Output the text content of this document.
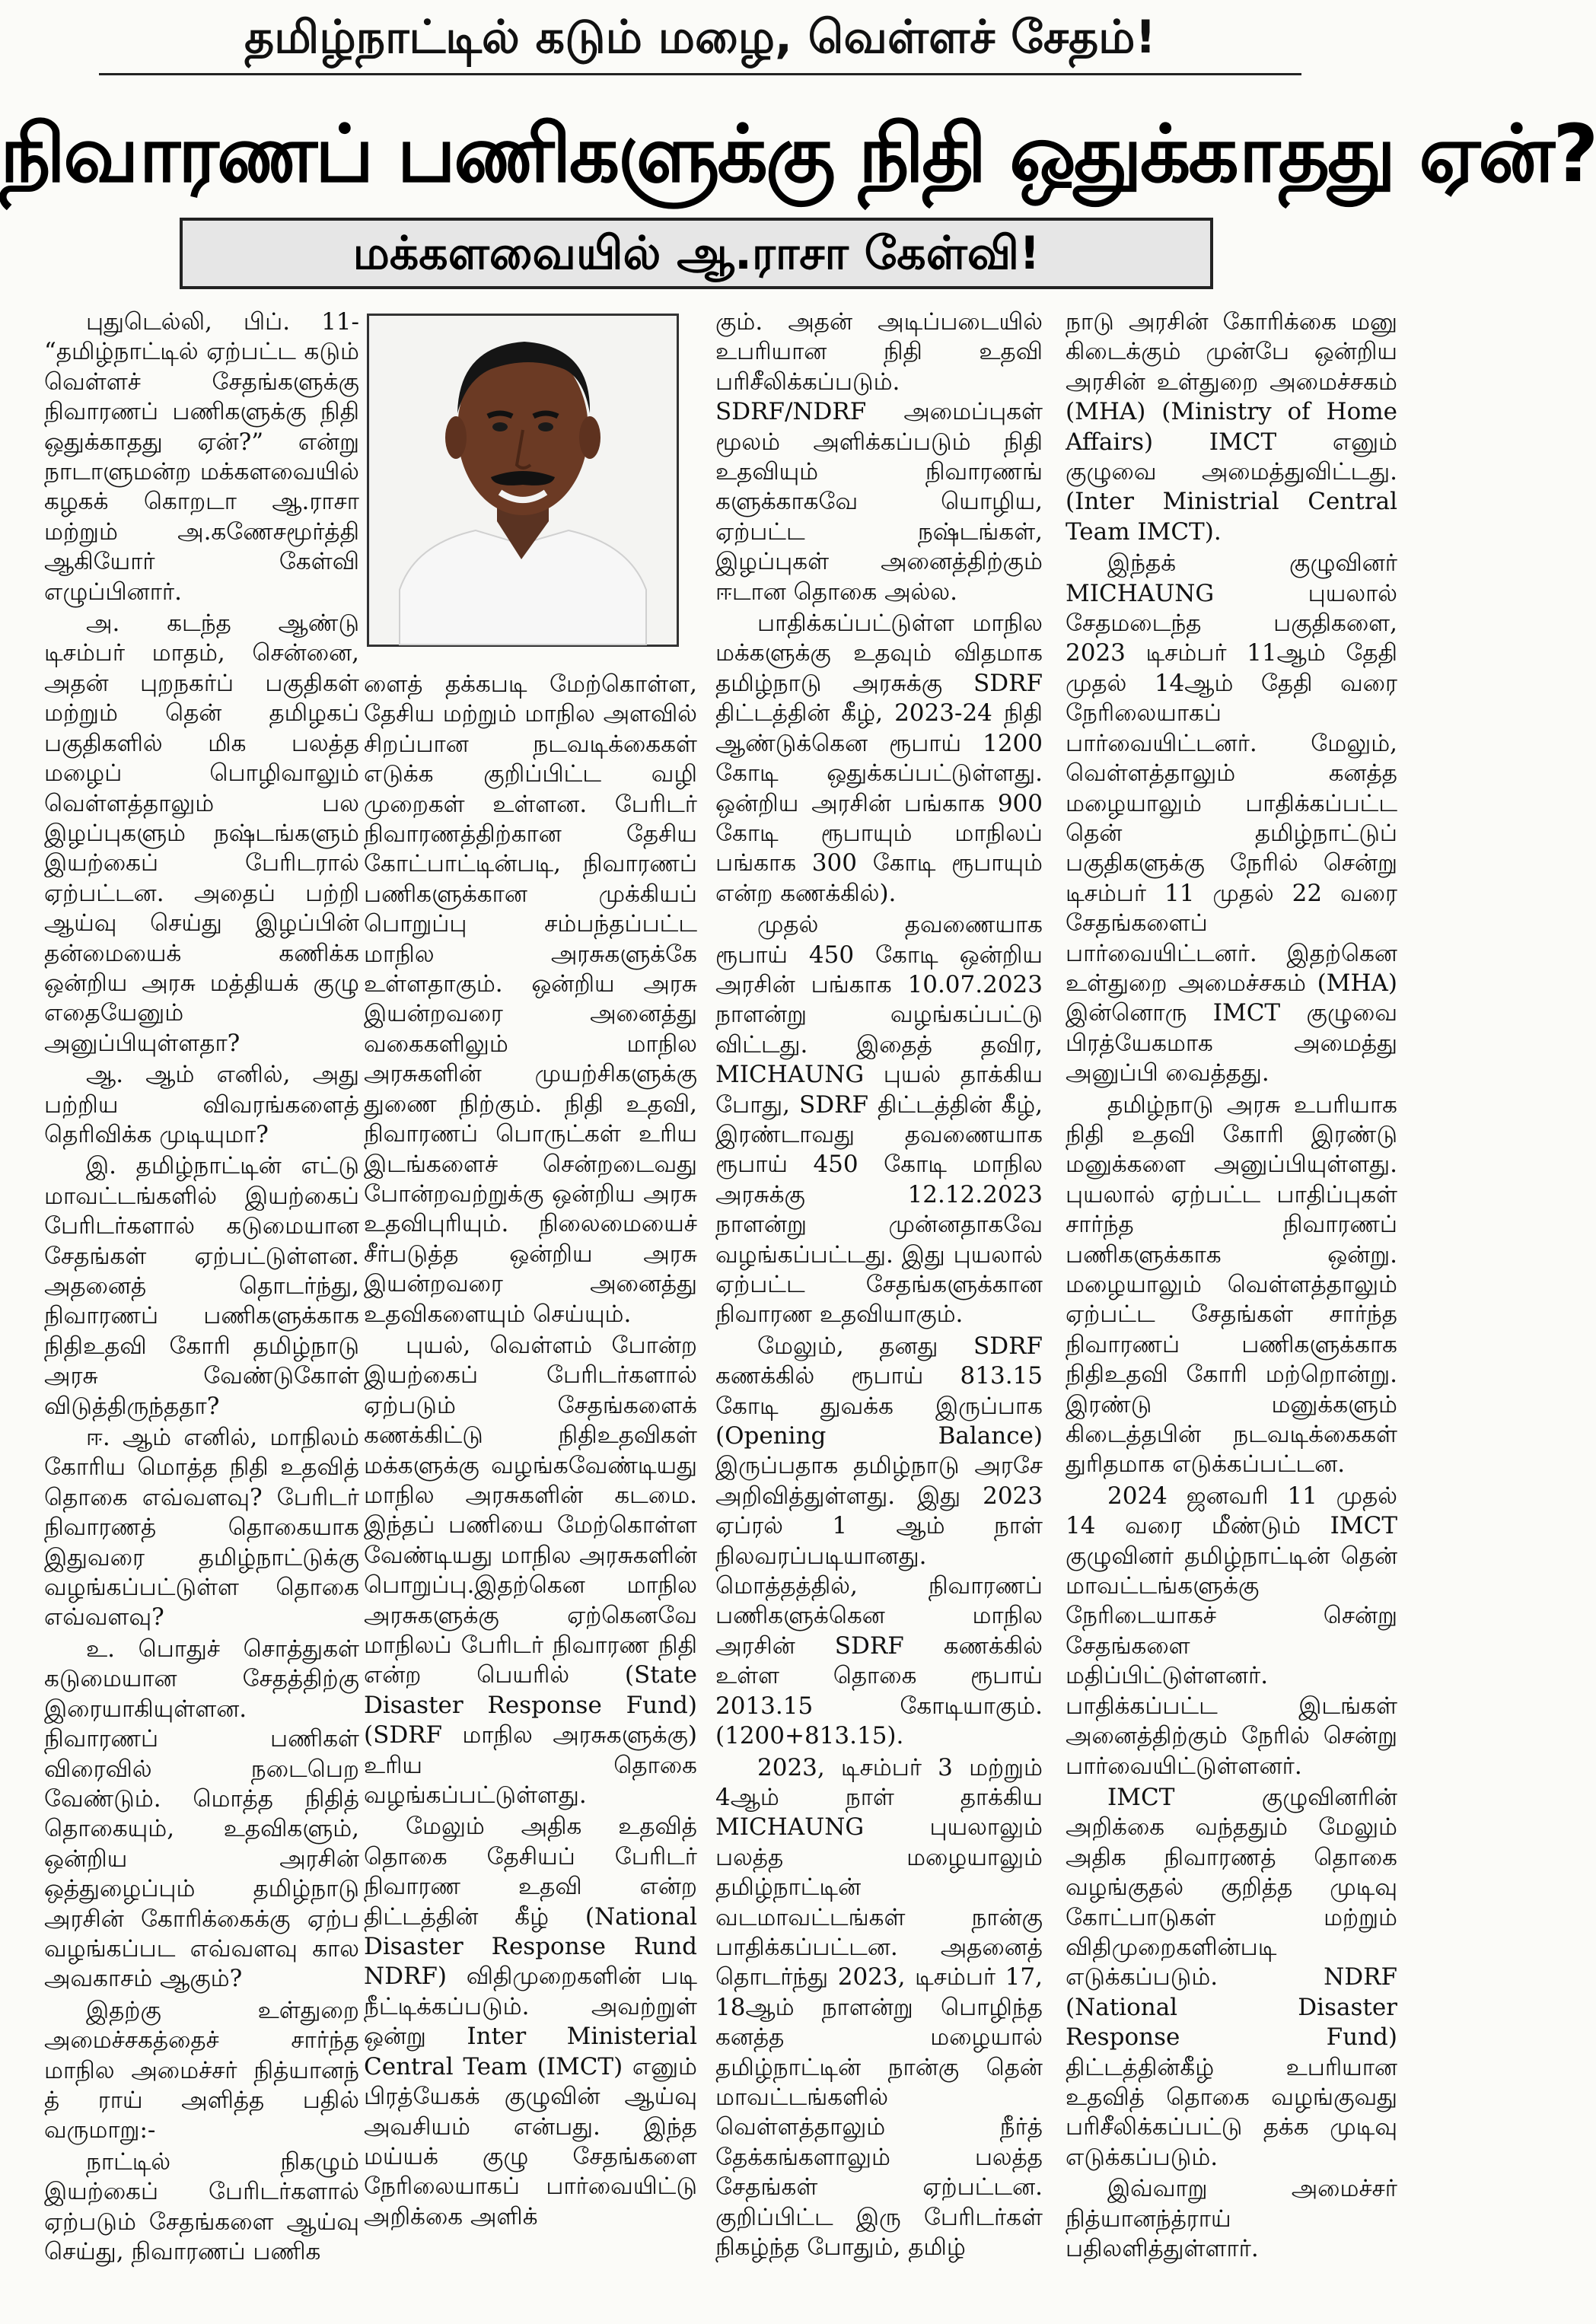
தமிழ்நாட்டில் கடும் மழை, வெள்ளச் சேதம்!
நிவாரணப் பணிகளுக்கு நிதி ஒதுக்காதது ஏன்?
மக்களவையில் ஆ.ராசா கேள்வி!

புதுடெல்லி, பிப். 11- “தமிழ்நாட்டில் ஏற்பட்ட கடும் வெள்ளச் சேதங்களுக்கு நிவாரணப் பணிகளுக்கு நிதி ஒதுக்காதது ஏன்?” என்று நாடாளுமன்ற மக்களவையில் கழகக் கொறடா ஆ.ராசா மற்றும் அ.கணேசமூர்த்தி ஆகியோர் கேள்வி எழுப்பினார்.

அ. கடந்த ஆண்டு டிசம்பர் மாதம், சென்னை, அதன் புறநகர்ப் பகுதிகள் மற்றும் தென் தமிழகப் பகுதிகளில் மிக பலத்த மழைப் பொழிவாலும் வெள்ளத்தாலும் பல இழப்புகளும் நஷ்டங்களும் இயற்கைப் பேரிடரால் ஏற்பட்டன. அதைப் பற்றி ஆய்வு செய்து இழப்பின் தன்மையைக் கணிக்க ஒன்றிய அரசு மத்தியக் குழு எதையேனும் அனுப்பியுள்ளதா?

ஆ. ஆம் எனில், அது பற்றிய விவரங்களைத் தெரிவிக்க முடியுமா?

இ. தமிழ்நாட்டின் எட்டு மாவட்டங்களில் இயற்கைப் பேரிடர்களால் கடுமையான சேதங்கள் ஏற்பட்டுள்ளன. அதனைத் தொடர்ந்து, நிவாரணப் பணிகளுக்காக நிதிஉதவி கோரி தமிழ்நாடு அரசு வேண்டுகோள் விடுத்திருந்ததா?

ஈ. ஆம் எனில், மாநிலம் கோரிய மொத்த நிதி உதவித் தொகை எவ்வளவு? பேரிடர் நிவாரணத் தொகையாக இதுவரை தமிழ்நாட்டுக்கு வழங்கப்பட்டுள்ள தொகை எவ்வளவு?

உ. பொதுச் சொத்துகள் கடுமையான சேதத்திற்கு இரையாகியுள்ளன. நிவாரணப் பணிகள் விரைவில் நடைபெற வேண்டும். மொத்த நிதித் தொகையும், உதவிகளும், ஒன்றிய அரசின் ஒத்துழைப்பும் தமிழ்நாடு அரசின் கோரிக்கைக்கு ஏற்ப வழங்கப்பட எவ்வளவு கால அவகாசம் ஆகும்?

இதற்கு உள்துறை அமைச்சகத்தைச் சார்ந்த மாநில அமைச்சர் நித்யானந் த் ராய் அளித்த பதில் வருமாறு:-

நாட்டில் நிகழும் இயற்கைப் பேரிடர்களால் ஏற்படும் சேதங்களை ஆய்வு செய்து, நிவாரணப் பணிக

ளைத் தக்கபடி மேற்கொள்ள, தேசிய மற்றும் மாநில அளவில் சிறப்பான நடவடிக்கைகள் எடுக்க குறிப்பிட்ட வழி முறைகள் உள்ளன. பேரிடர் நிவாரணத்திற்கான தேசிய கோட்பாட்டின்படி, நிவாரணப் பணிகளுக்கான முக்கியப் பொறுப்பு சம்பந்தப்பட்ட மாநில அரசுகளுக்கே உள்ளதாகும். ஒன்றிய அரசு இயன்றவரை அனைத்து வகைகளிலும் மாநில அரசுகளின் முயற்சிகளுக்கு துணை நிற்கும். நிதி உதவி, நிவாரணப் பொருட்கள் உரிய இடங்களைச் சென்றடைவது போன்றவற்றுக்கு ஒன்றிய அரசு உதவிபுரியும். நிலைமையைச் சீர்படுத்த ஒன்றிய அரசு இயன்றவரை அனைத்து உதவிகளையும் செய்யும்.

புயல், வெள்ளம் போன்ற இயற்கைப் பேரிடர்களால் ஏற்படும் சேதங்களைக் கணக்கிட்டு நிதிஉதவிகள் மக்களுக்கு வழங்கவேண்டியது மாநில அரசுகளின் கடமை. இந்தப் பணியை மேற்கொள்ள வேண்டியது மாநில அரசுகளின் பொறுப்பு.இதற்கென மாநில அரசுகளுக்கு ஏற்கெனவே மாநிலப் பேரிடர் நிவாரண நிதி என்ற பெயரில் (State Disaster Response Fund) (SDRF மாநில அரசுகளுக்கு) உரிய தொகை வழங்கப்பட்டுள்ளது.

மேலும் அதிக உதவித் தொகை தேசியப் பேரிடர் நிவாரண உதவி என்ற திட்டத்தின் கீழ் (National Disaster Response Rund NDRF) விதிமுறைகளின் படி நீட்டிக்கப்படும். அவற்றுள் ஒன்று Inter Ministerial Central Team (IMCT) எனும் பிரத்யேகக் குழுவின் ஆய்வு அவசியம் என்பது. இந்த மய்யக் குழு சேதங்களை நேரிலையாகப் பார்வையிட்டு அறிக்கை அளிக்

கும். அதன் அடிப்படையில் உபரியான நிதி உதவி பரிசீலிக்கப்படும். SDRF/NDRF அமைப்புகள் மூலம் அளிக்கப்படும் நிதி உதவியும் நிவாரணங் களுக்காகவே யொழிய, ஏற்பட்ட நஷ்டங்கள், இழப்புகள் அனைத்திற்கும் ஈடான தொகை அல்ல.

பாதிக்கப்பட்டுள்ள மாநில மக்களுக்கு உதவும் விதமாக தமிழ்நாடு அரசுக்கு SDRF திட்டத்தின் கீழ், 2023-24 நிதி ஆண்டுக்கென ரூபாய் 1200 கோடி ஒதுக்கப்பட்டுள்ளது. ஒன்றிய அரசின் பங்காக 900 கோடி ரூபாயும் மாநிலப் பங்காக 300 கோடி ரூபாயும் என்ற கணக்கில்).

முதல் தவணையாக ரூபாய் 450 கோடி ஒன்றிய அரசின் பங்காக 10.07.2023 நாளன்று வழங்கப்பட்டு விட்டது. இதைத் தவிர, MICHAUNG புயல் தாக்கிய போது, SDRF திட்டத்தின் கீழ், இரண்டாவது தவணையாக ரூபாய் 450 கோடி மாநில அரசுக்கு 12.12.2023 நாளன்று முன்னதாகவே வழங்கப்பட்டது. இது புயலால் ஏற்பட்ட சேதங்களுக்கான நிவாரண உதவியாகும்.

மேலும், தனது SDRF கணக்கில் ரூபாய் 813.15 கோடி துவக்க இருப்பாக (Opening Balance) இருப்பதாக தமிழ்நாடு அரசே அறிவித்துள்ளது. இது 2023 ஏப்ரல் 1 ஆம் நாள் நிலவரப்படியானது. மொத்தத்தில், நிவாரணப் பணிகளுக்கென மாநில அரசின் SDRF கணக்கில் உள்ள தொகை ரூபாய் 2013.15 கோடியாகும். (1200+813.15).

2023, டிசம்பர் 3 மற்றும் 4ஆம் நாள் தாக்கிய MICHAUNG புயலாலும் பலத்த மழையாலும் தமிழ்நாட்டின் வடமாவட்டங்கள் நான்கு பாதிக்கப்பட்டன. அதனைத் தொடர்ந்து 2023, டிசம்பர் 17, 18ஆம் நாளன்று பொழிந்த கனத்த மழையால் தமிழ்நாட்டின் நான்கு தென் மாவட்டங்களில் வெள்ளத்தாலும் நீர்த் தேக்கங்களாலும் பலத்த சேதங்கள் ஏற்பட்டன. குறிப்பிட்ட இரு பேரிடர்கள் நிகழ்ந்த போதும், தமிழ்

நாடு அரசின் கோரிக்கை மனு கிடைக்கும் முன்பே ஒன்றிய அரசின் உள்துறை அமைச்சகம் (MHA) (Ministry of Home Affairs) IMCT எனும் குழுவை அமைத்துவிட்டது. (Inter Ministrial Central Team IMCT).

இந்தக் குழுவினர் MICHAUNG புயலால் சேதமடைந்த பகுதிகளை, 2023 டிசம்பர் 11ஆம் தேதி முதல் 14ஆம் தேதி வரை நேரிலையாகப் பார்வையிட்டனர். மேலும், வெள்ளத்தாலும் கனத்த மழையாலும் பாதிக்கப்பட்ட தென் தமிழ்நாட்டுப் பகுதிகளுக்கு நேரில் சென்று டிசம்பர் 11 முதல் 22 வரை சேதங்களைப் பார்வையிட்டனர். இதற்கென உள்துறை அமைச்சகம் (MHA) இன்னொரு IMCT குழுவை பிரத்யேகமாக அமைத்து அனுப்பி வைத்தது.

தமிழ்நாடு அரசு உபரியாக நிதி உதவி கோரி இரண்டு மனுக்களை அனுப்பியுள்ளது. புயலால் ஏற்பட்ட பாதிப்புகள் சார்ந்த நிவாரணப் பணிகளுக்காக ஒன்று. மழையாலும் வெள்ளத்தாலும் ஏற்பட்ட சேதங்கள் சார்ந்த நிவாரணப் பணிகளுக்காக நிதிஉதவி கோரி மற்றொன்று. இரண்டு மனுக்களும் கிடைத்தபின் நடவடிக்கைகள் துரிதமாக எடுக்கப்பட்டன.

2024 ஜனவரி 11 முதல் 14 வரை மீண்டும் IMCT குழுவினர் தமிழ்நாட்டின் தென் மாவட்டங்களுக்கு நேரிடையாகச் சென்று சேதங்களை மதிப்பிட்டுள்ளனர். பாதிக்கப்பட்ட இடங்கள் அனைத்திற்கும் நேரில் சென்று பார்வையிட்டுள்ளனர்.

IMCT குழுவினரின் அறிக்கை வந்ததும் மேலும் அதிக நிவாரணத் தொகை வழங்குதல் குறித்த முடிவு கோட்பாடுகள் மற்றும் விதிமுறைகளின்படி எடுக்கப்படும். NDRF (National Disaster Response Fund) திட்டத்தின்கீழ் உபரியான உதவித் தொகை வழங்குவது பரிசீலிக்கப்பட்டு தக்க முடிவு எடுக்கப்படும்.

இவ்வாறு அமைச்சர் நித்யானந்த்ராய் பதிலளித்துள்ளார்.
